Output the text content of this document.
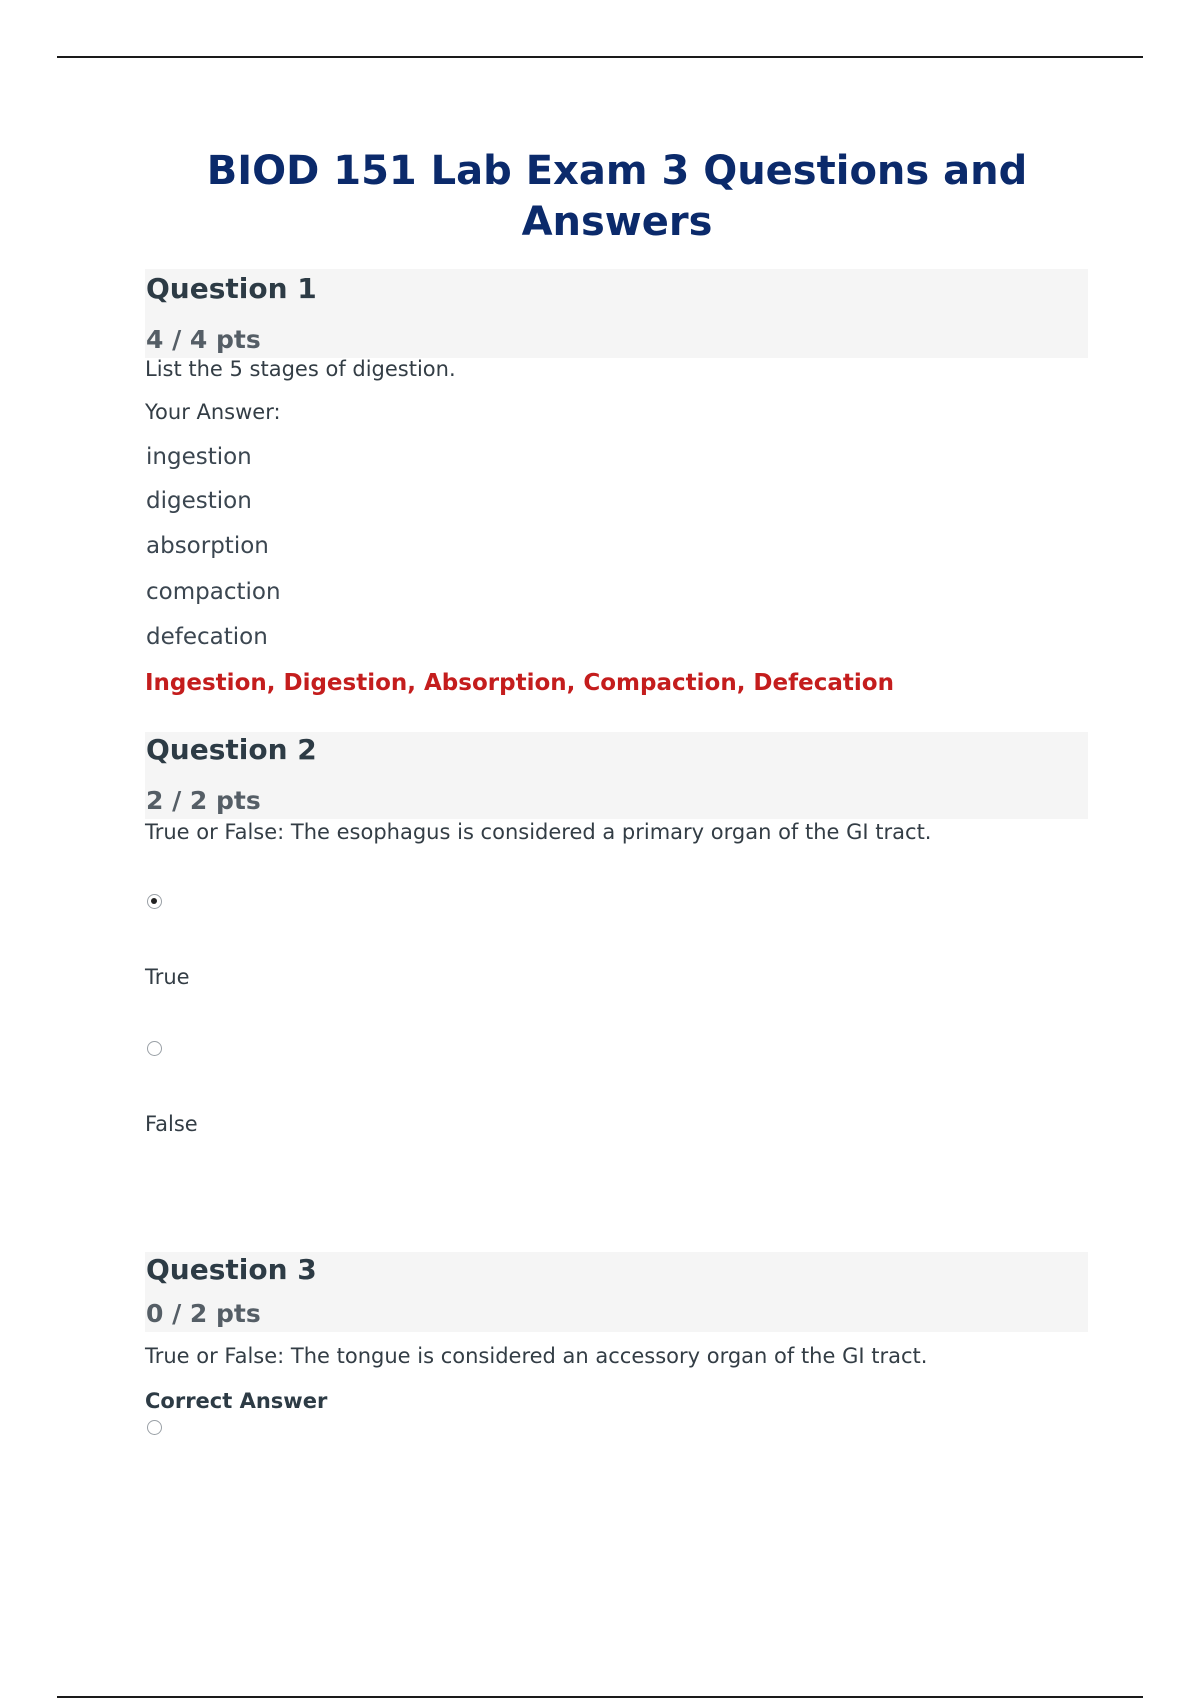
BIOD 151 Lab Exam 3 Questions and Answers
Question 1
4 / 4 pts
List the 5 stages of digestion.
Your Answer:
ingestion
digestion
absorption
compaction
defecation
Ingestion, Digestion, Absorption, Compaction, Defecation
Question 2
2 / 2 pts
True or False: The esophagus is considered a primary organ of the GI tract.
True
False
Question 3
0 / 2 pts
True or False: The tongue is considered an accessory organ of the GI tract.
Correct Answer
